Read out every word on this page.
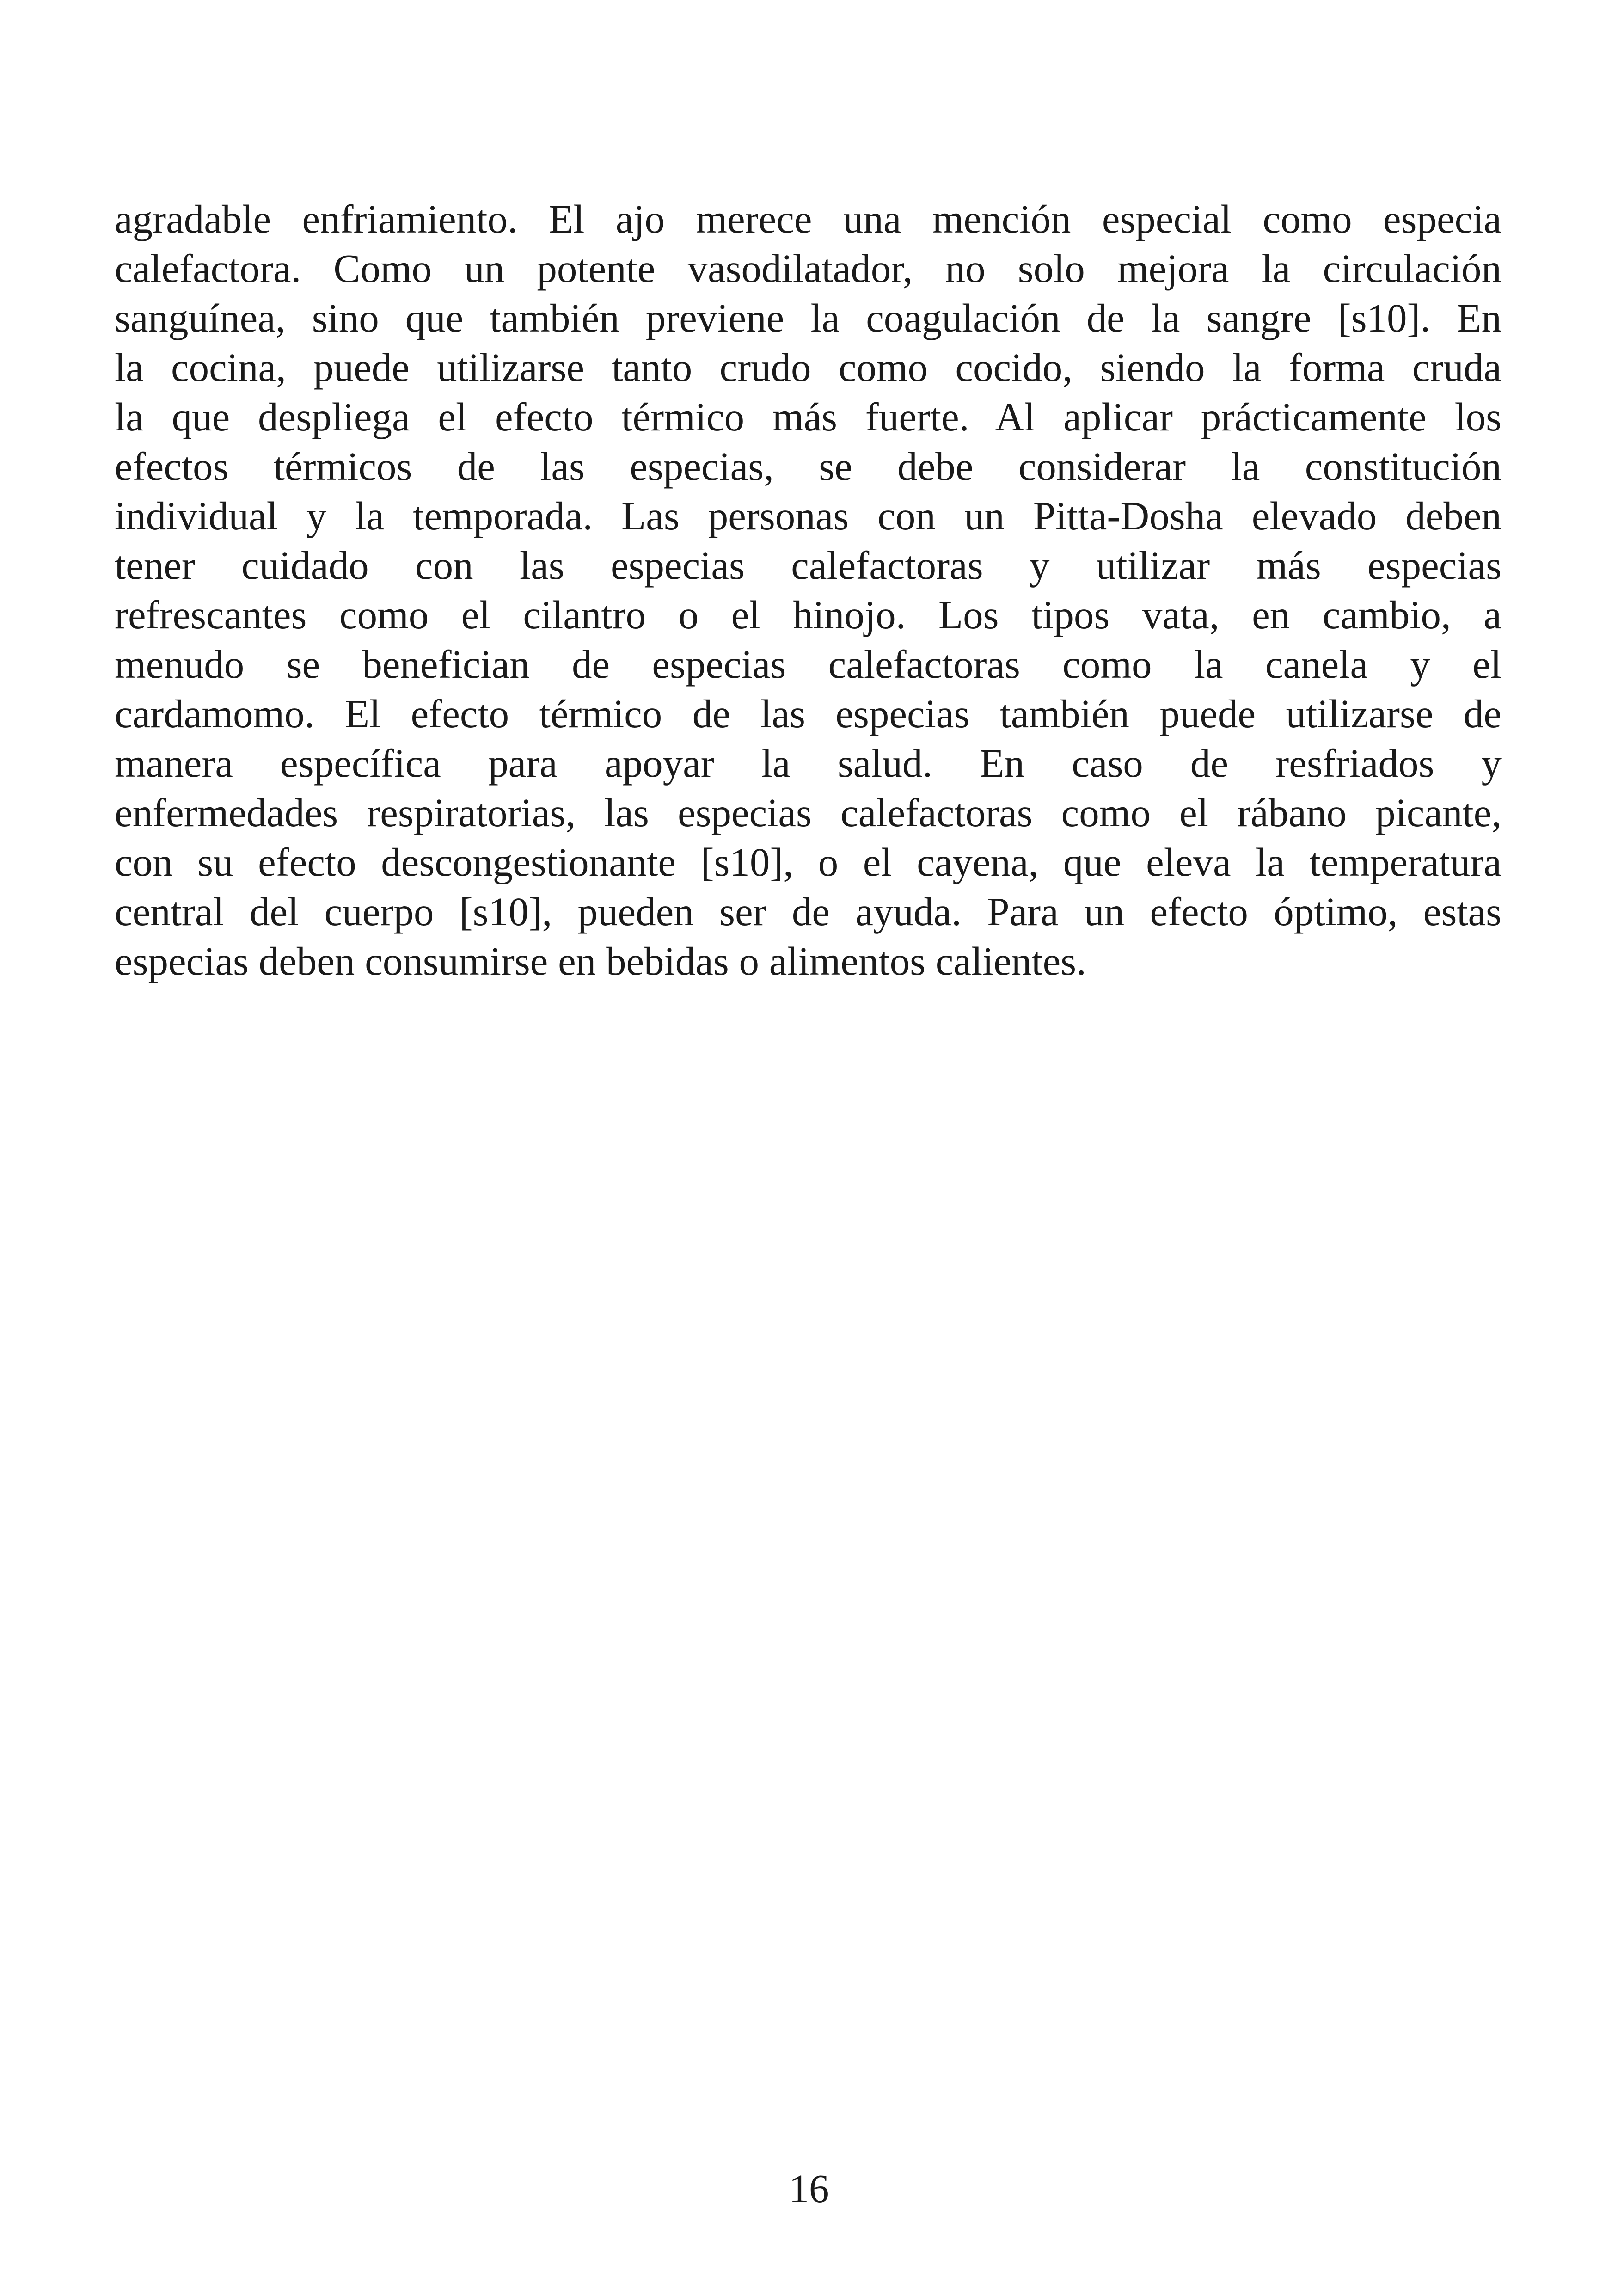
agradable enfriamiento. El ajo merece una mención especial como especia
calefactora. Como un potente vasodilatador, no solo mejora la circulación
sanguínea, sino que también previene la coagulación de la sangre [s10]. En
la cocina, puede utilizarse tanto crudo como cocido, siendo la forma cruda
la que despliega el efecto térmico más fuerte. Al aplicar prácticamente los
efectos térmicos de las especias, se debe considerar la constitución
individual y la temporada. Las personas con un Pitta-Dosha elevado deben
tener cuidado con las especias calefactoras y utilizar más especias
refrescantes como el cilantro o el hinojo. Los tipos vata, en cambio, a
menudo se benefician de especias calefactoras como la canela y el
cardamomo. El efecto térmico de las especias también puede utilizarse de
manera específica para apoyar la salud. En caso de resfriados y
enfermedades respiratorias, las especias calefactoras como el rábano picante,
con su efecto descongestionante [s10], o el cayena, que eleva la temperatura
central del cuerpo [s10], pueden ser de ayuda. Para un efecto óptimo, estas
especias deben consumirse en bebidas o alimentos calientes.
16
